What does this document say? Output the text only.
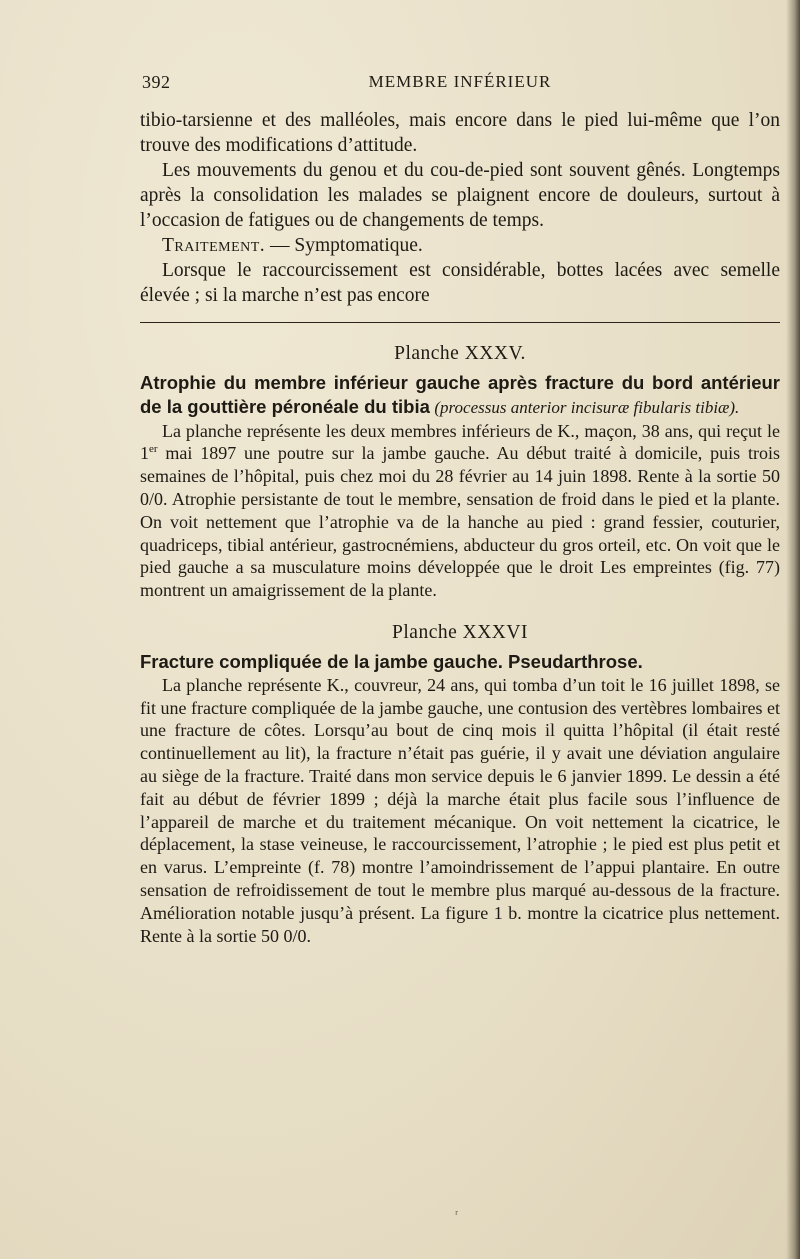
392	MEMBRE INFÉRIEUR

tibio-tarsienne et des malléoles, mais encore dans le pied lui-même que l’on trouve des modifications d’attitude.

Les mouvements du genou et du cou-de-pied sont souvent gênés. Longtemps après la consolidation les malades se plaignent encore de douleurs, surtout à l’occasion de fatigues ou de changements de temps.

Traitement. — Symptomatique.

Lorsque le raccourcissement est considérable, bottes lacées avec semelle élevée ; si la marche n’est pas encore

Planche XXXV.

Atrophie du membre inférieur gauche après fracture du bord antérieur de la gouttière péronéale du tibia (processus anterior incisuræ fibularis tibiæ).

La planche représente les deux membres inférieurs de K., maçon, 38 ans, qui reçut le 1er mai 1897 une poutre sur la jambe gauche. Au début traité à domicile, puis trois semaines de l’hôpital, puis chez moi du 28 février au 14 juin 1898. Rente à la sortie 50 0/0. Atrophie persistante de tout le membre, sensation de froid dans le pied et la plante. On voit nettement que l’atrophie va de la hanche au pied : grand fessier, couturier, quadriceps, tibial antérieur, gastrocnémiens, abducteur du gros orteil, etc. On voit que le pied gauche a sa musculature moins développée que le droit Les empreintes (fig. 77) montrent un amaigrissement de la plante.

Planche XXXVI

Fracture compliquée de la jambe gauche. Pseudarthrose.

La planche représente K., couvreur, 24 ans, qui tomba d’un toit le 16 juillet 1898, se fit une fracture compliquée de la jambe gauche, une contusion des vertèbres lombaires et une fracture de côtes. Lorsqu’au bout de cinq mois il quitta l’hôpital (il était resté continuellement au lit), la fracture n’était pas guérie, il y avait une déviation angulaire au siège de la fracture. Traité dans mon service depuis le 6 janvier 1899. Le dessin a été fait au début de février 1899 ; déjà la marche était plus facile sous l’influence de l’appareil de marche et du traitement mécanique. On voit nettement la cicatrice, le déplacement, la stase veineuse, le raccourcissement, l’atrophie ; le pied est plus petit et en varus. L’empreinte (f. 78) montre l’amoindrissement de l’appui plantaire. En outre sensation de refroidissement de tout le membre plus marqué au-dessous de la fracture. Amélioration notable jusqu’à présent. La figure 1 b. montre la cicatrice plus nettement. Rente à la sortie 50 0/0.

ʳ
